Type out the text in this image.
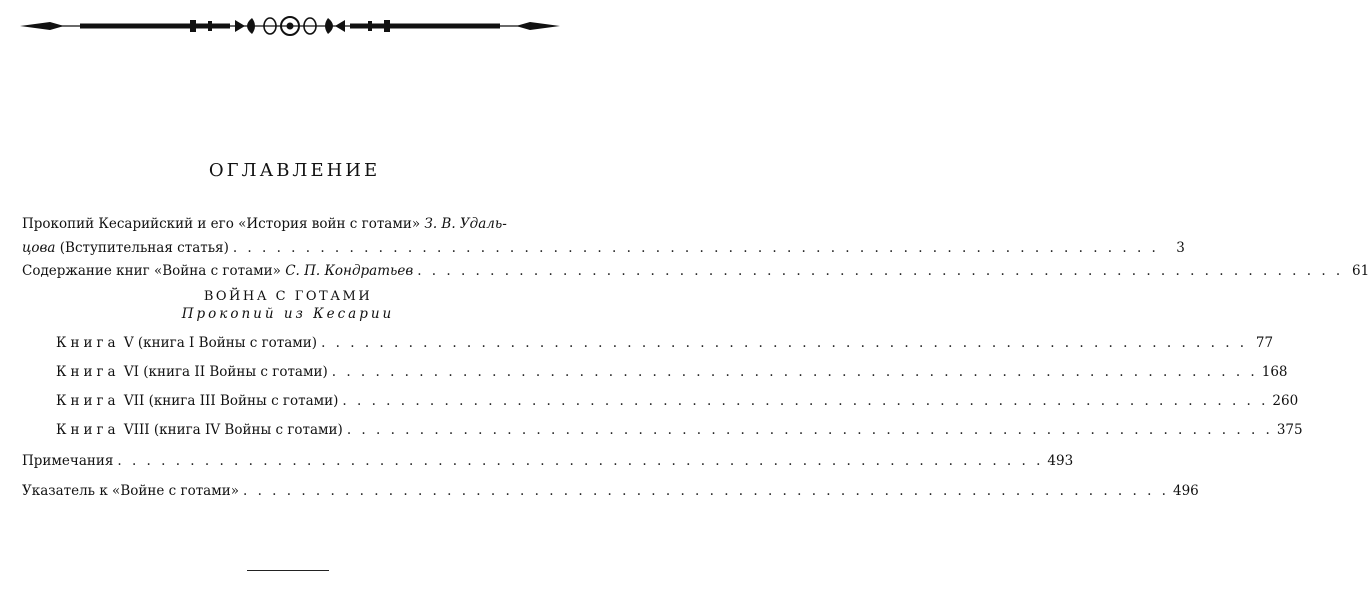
ОГЛАВЛЕНИЕ
Прокопий Кесарийский и его «История войн с готами» З. В. Удаль-
цова (Вступительная статья) . . . . . . . . . . . . . . . . . . . . . . . . . . . . . . . . . . . . . . . . . . . . . . . . . . . . . . . . . . . . . . . .	3
Содержание книг «Война с готами» С. П. Кондратьев . . . . . . . . . . . . . . . . . . . . . . . . . . . . . . . . . . . . . . . . . . . . . . . . . . . . . . . . . . . . . . . . 61
ВОЙНА С ГОТАМИ
Прокопий из Кесарии
Книга V (книга I Войны с готами) . . . . . . . . . . . . . . . . . . . . . . . . . . . . . . . . . . . . . . . . . . . . . . . . . . . . . . . . . . . . . . . . 77
Книга VI (книга II Войны с готами) . . . . . . . . . . . . . . . . . . . . . . . . . . . . . . . . . . . . . . . . . . . . . . . . . . . . . . . . . . . . . . . . 168
Книга VII (книга III Войны с готами) . . . . . . . . . . . . . . . . . . . . . . . . . . . . . . . . . . . . . . . . . . . . . . . . . . . . . . . . . . . . . . . . 260
Книга VIII (книга IV Войны с готами) . . . . . . . . . . . . . . . . . . . . . . . . . . . . . . . . . . . . . . . . . . . . . . . . . . . . . . . . . . . . . . . . 375
Примечания . . . . . . . . . . . . . . . . . . . . . . . . . . . . . . . . . . . . . . . . . . . . . . . . . . . . . . . . . . . . . . . . 493
Указатель к «Войне с готами» . . . . . . . . . . . . . . . . . . . . . . . . . . . . . . . . . . . . . . . . . . . . . . . . . . . . . . . . . . . . . . . . 496
